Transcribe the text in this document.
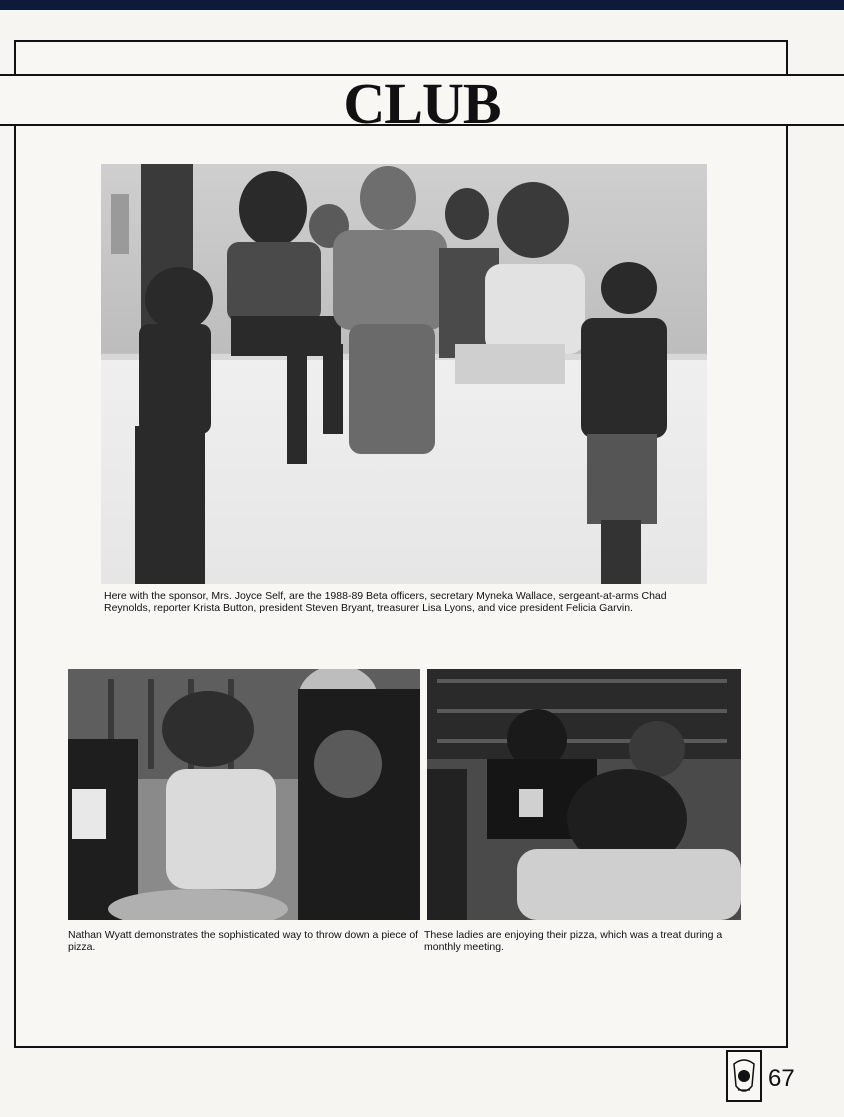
CLUB
Here with the sponsor, Mrs. Joyce Self, are the 1988-89 Beta officers, secretary Myneka Wallace, sergeant-at-arms Chad Reynolds, reporter Krista Button, president Steven Bryant, treasurer Lisa Lyons, and vice president Felicia Garvin.
Nathan Wyatt demonstrates the sophisticated way to throw down a piece of pizza.
These ladies are enjoying their pizza, which was a treat during a monthly meeting.
67
